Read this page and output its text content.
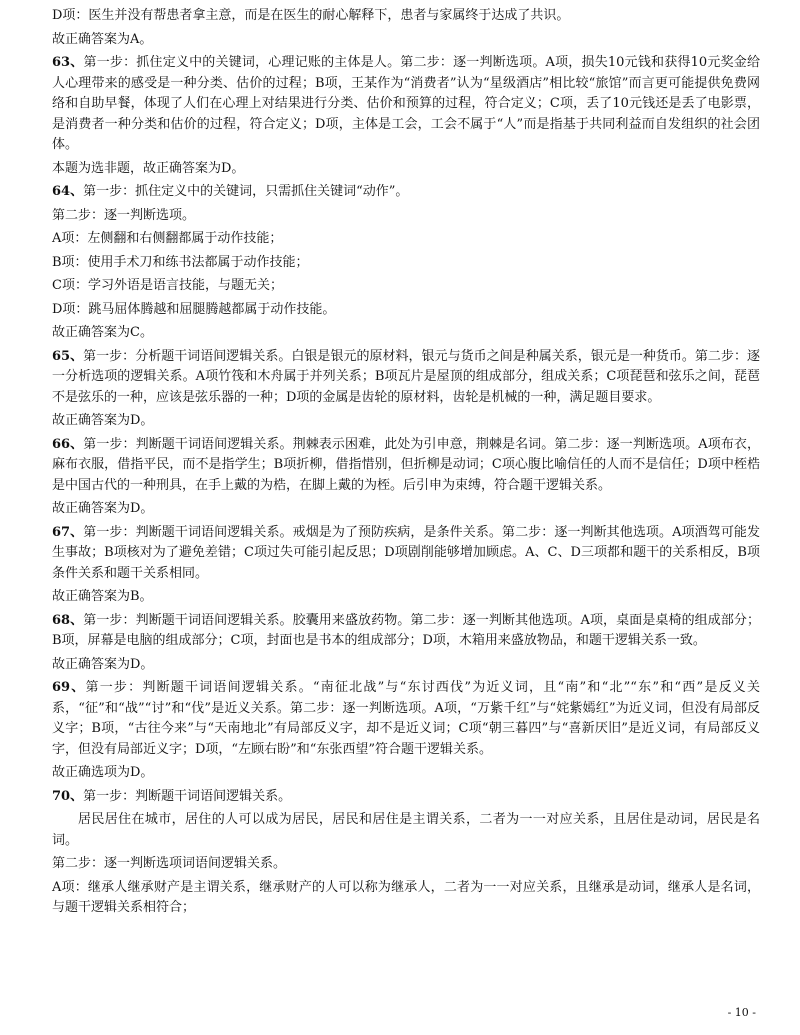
D项：医生并没有帮患者拿主意，而是在医生的耐心解释下，患者与家属终于达成了共识。

故正确答案为A。

63、第一步：抓住定义中的关键词，心理记账的主体是人。第二步：逐一判断选项。A项，损失10元钱和获得10元奖金给人心理带来的感受是一种分类、估价的过程；B项，王某作为“消费者”认为“星级酒店”相比较“旅馆”而言更可能提供免费网络和自助早餐，体现了人们在心理上对结果进行分类、估价和预算的过程，符合定义；C项，丢了10元钱还是丢了电影票，是消费者一种分类和估价的过程，符合定义；D项，主体是工会，工会不属于“人”而是指基于共同利益而自发组织的社会团体。

本题为选非题，故正确答案为D。

64、第一步：抓住定义中的关键词，只需抓住关键词“动作”。

第二步：逐一判断选项。

A项：左侧翻和右侧翻都属于动作技能；

B项：使用手术刀和练书法都属于动作技能；

C项：学习外语是语言技能，与题无关；

D项：跳马屈体腾越和屈腿腾越都属于动作技能。

故正确答案为C。

65、第一步：分析题干词语间逻辑关系。白银是银元的原材料，银元与货币之间是种属关系，银元是一种货币。第二步：逐一分析选项的逻辑关系。A项竹筏和木舟属于并列关系；B项瓦片是屋顶的组成部分，组成关系；C项琵琶和弦乐之间，琵琶不是弦乐的一种，应该是弦乐器的一种；D项的金属是齿轮的原材料，齿轮是机械的一种，满足题目要求。

故正确答案为D。

66、第一步：判断题干词语间逻辑关系。荆棘表示困难，此处为引申意，荆棘是名词。第二步：逐一判断选项。A项布衣，麻布衣服，借指平民，而不是指学生；B项折柳，借指惜别，但折柳是动词；C项心腹比喻信任的人而不是信任；D项中桎梏是中国古代的一种刑具，在手上戴的为梏，在脚上戴的为桎。后引申为束缚，符合题干逻辑关系。

故正确答案为D。

67、第一步：判断题干词语间逻辑关系。戒烟是为了预防疾病，是条件关系。第二步：逐一判断其他选项。A项酒驾可能发生事故；B项核对为了避免差错；C项过失可能引起反思；D项剧削能够增加顾虑。A、C、D三项都和题干的关系相反，B项条件关系和题干关系相同。

故正确答案为B。

68、第一步：判断题干词语间逻辑关系。胶囊用来盛放药物。第二步：逐一判断其他选项。A项，桌面是桌椅的组成部分；B项，屏幕是电脑的组成部分；C项，封面也是书本的组成部分；D项，木箱用来盛放物品，和题干逻辑关系一致。

故正确答案为D。

69、第一步：判断题干词语间逻辑关系。“南征北战”与“东讨西伐”为近义词，且“南”和“北”“东”和“西”是反义关系，“征”和“战”“讨”和“伐”是近义关系。第二步：逐一判断选项。A项，“万紫千红”与“姹紫嫣红”为近义词，但没有局部反义字；B项，“古往今来”与“天南地北”有局部反义字，却不是近义词；C项“朝三暮四”与“喜新厌旧”是近义词，有局部反义字，但没有局部近义字；D项，“左顾右盼”和“东张西望”符合题干逻辑关系。

故正确选项为D。

70、第一步：判断题干词语间逻辑关系。

居民居住在城市，居住的人可以成为居民，居民和居住是主谓关系，二者为一一对应关系，且居住是动词，居民是名词。

第二步：逐一判断选项词语间逻辑关系。

A项：继承人继承财产是主谓关系，继承财产的人可以称为继承人，二者为一一对应关系，且继承是动词，继承人是名词，与题干逻辑关系相符合；

- 10 -
